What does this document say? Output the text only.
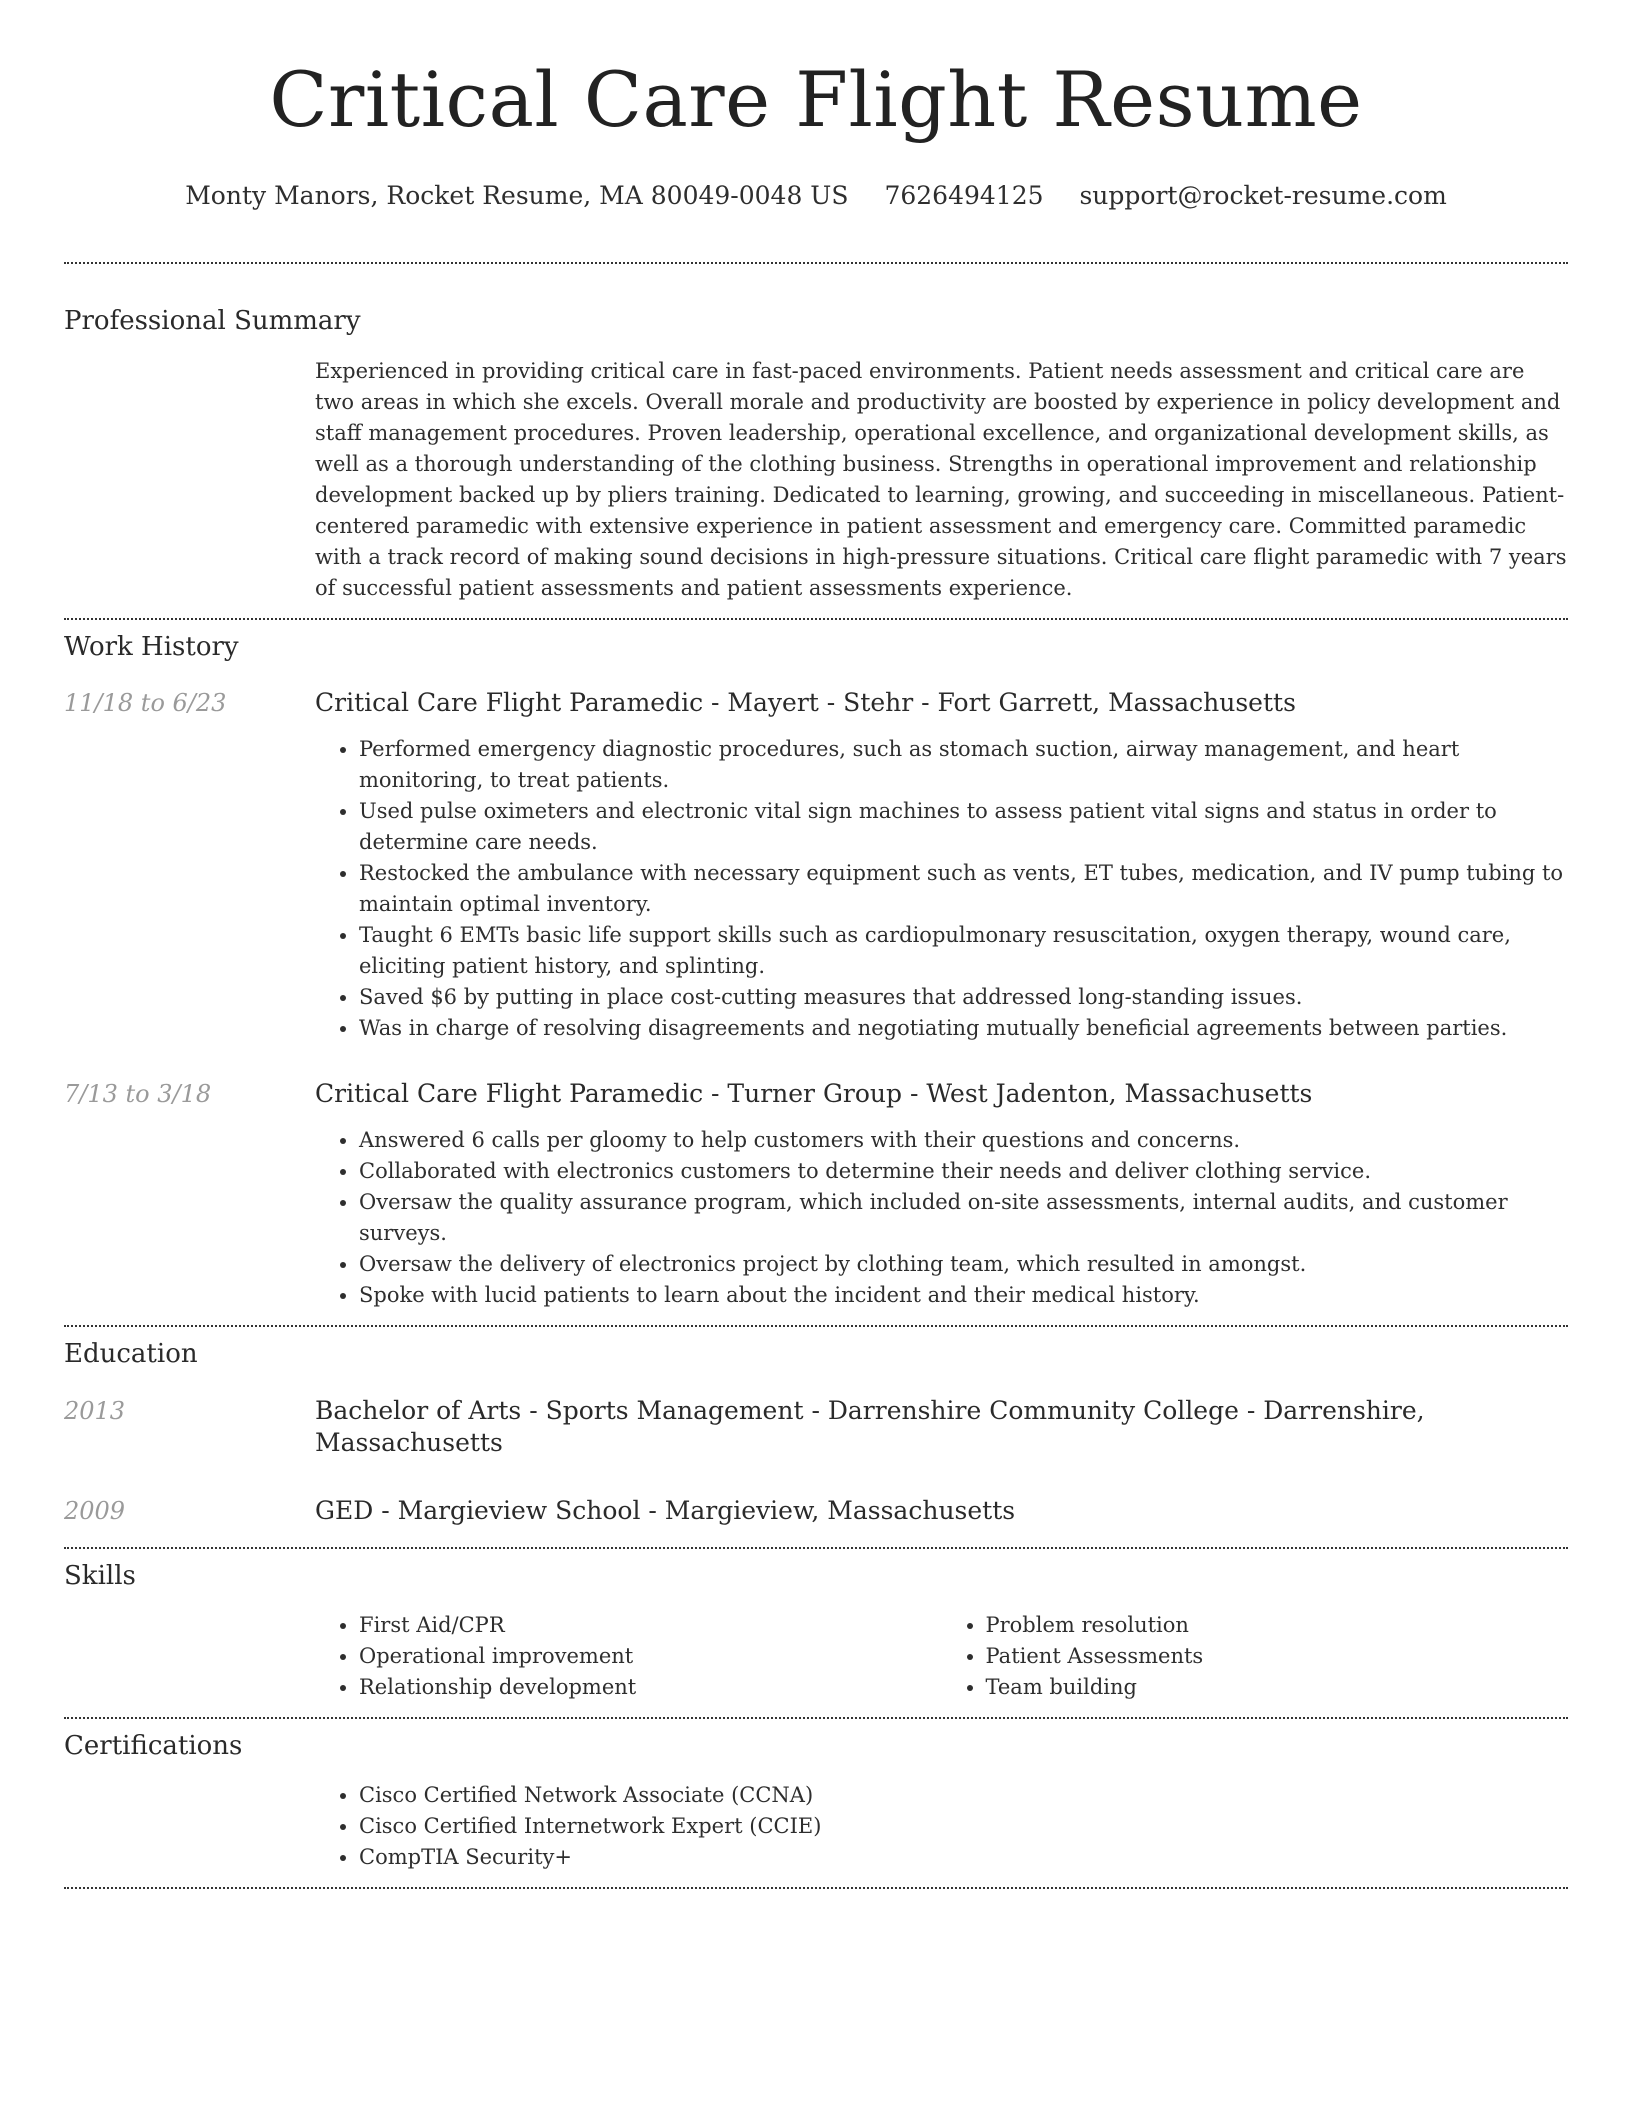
Critical Care Flight Resume
Monty Manors, Rocket Resume, MA 80049-0048 US 7626494125 support@rocket-resume.com
Professional Summary

Experienced in providing critical care in fast-paced environments. Patient needs assessment and critical care are two areas in which she excels. Overall morale and productivity are boosted by experience in policy development and staff management procedures. Proven leadership, operational excellence, and organizational development skills, as well as a thorough understanding of the clothing business. Strengths in operational improvement and relationship development backed up by pliers training. Dedicated to learning, growing, and succeeding in miscellaneous. Patient-centered paramedic with extensive experience in patient assessment and emergency care. Committed paramedic with a track record of making sound decisions in high-pressure situations. Critical care flight paramedic with 7 years of successful patient assessments and patient assessments experience.

Work History
11/18 to 6/23	Critical Care Flight Paramedic - Mayert - Stehr - Fort Garrett, Massachusetts
• Performed emergency diagnostic procedures, such as stomach suction, airway management, and heart monitoring, to treat patients.
• Used pulse oximeters and electronic vital sign machines to assess patient vital signs and status in order to determine care needs.
• Restocked the ambulance with necessary equipment such as vents, ET tubes, medication, and IV pump tubing to maintain optimal inventory.
• Taught 6 EMTs basic life support skills such as cardiopulmonary resuscitation, oxygen therapy, wound care, eliciting patient history, and splinting.
• Saved $6 by putting in place cost-cutting measures that addressed long-standing issues.
• Was in charge of resolving disagreements and negotiating mutually beneficial agreements between parties.
7/13 to 3/18	Critical Care Flight Paramedic - Turner Group - West Jadenton, Massachusetts
• Answered 6 calls per gloomy to help customers with their questions and concerns.
• Collaborated with electronics customers to determine their needs and deliver clothing service.
• Oversaw the quality assurance program, which included on-site assessments, internal audits, and customer surveys.
• Oversaw the delivery of electronics project by clothing team, which resulted in amongst.
• Spoke with lucid patients to learn about the incident and their medical history.
Education
2013	Bachelor of Arts - Sports Management - Darrenshire Community College - Darrenshire, Massachusetts
2009	GED - Margieview School - Margieview, Massachusetts
Skills
• First Aid/CPR
• Operational improvement
• Relationship development
• Problem resolution
• Patient Assessments
• Team building
Certifications
• Cisco Certified Network Associate (CCNA)
• Cisco Certified Internetwork Expert (CCIE)
• CompTIA Security+
